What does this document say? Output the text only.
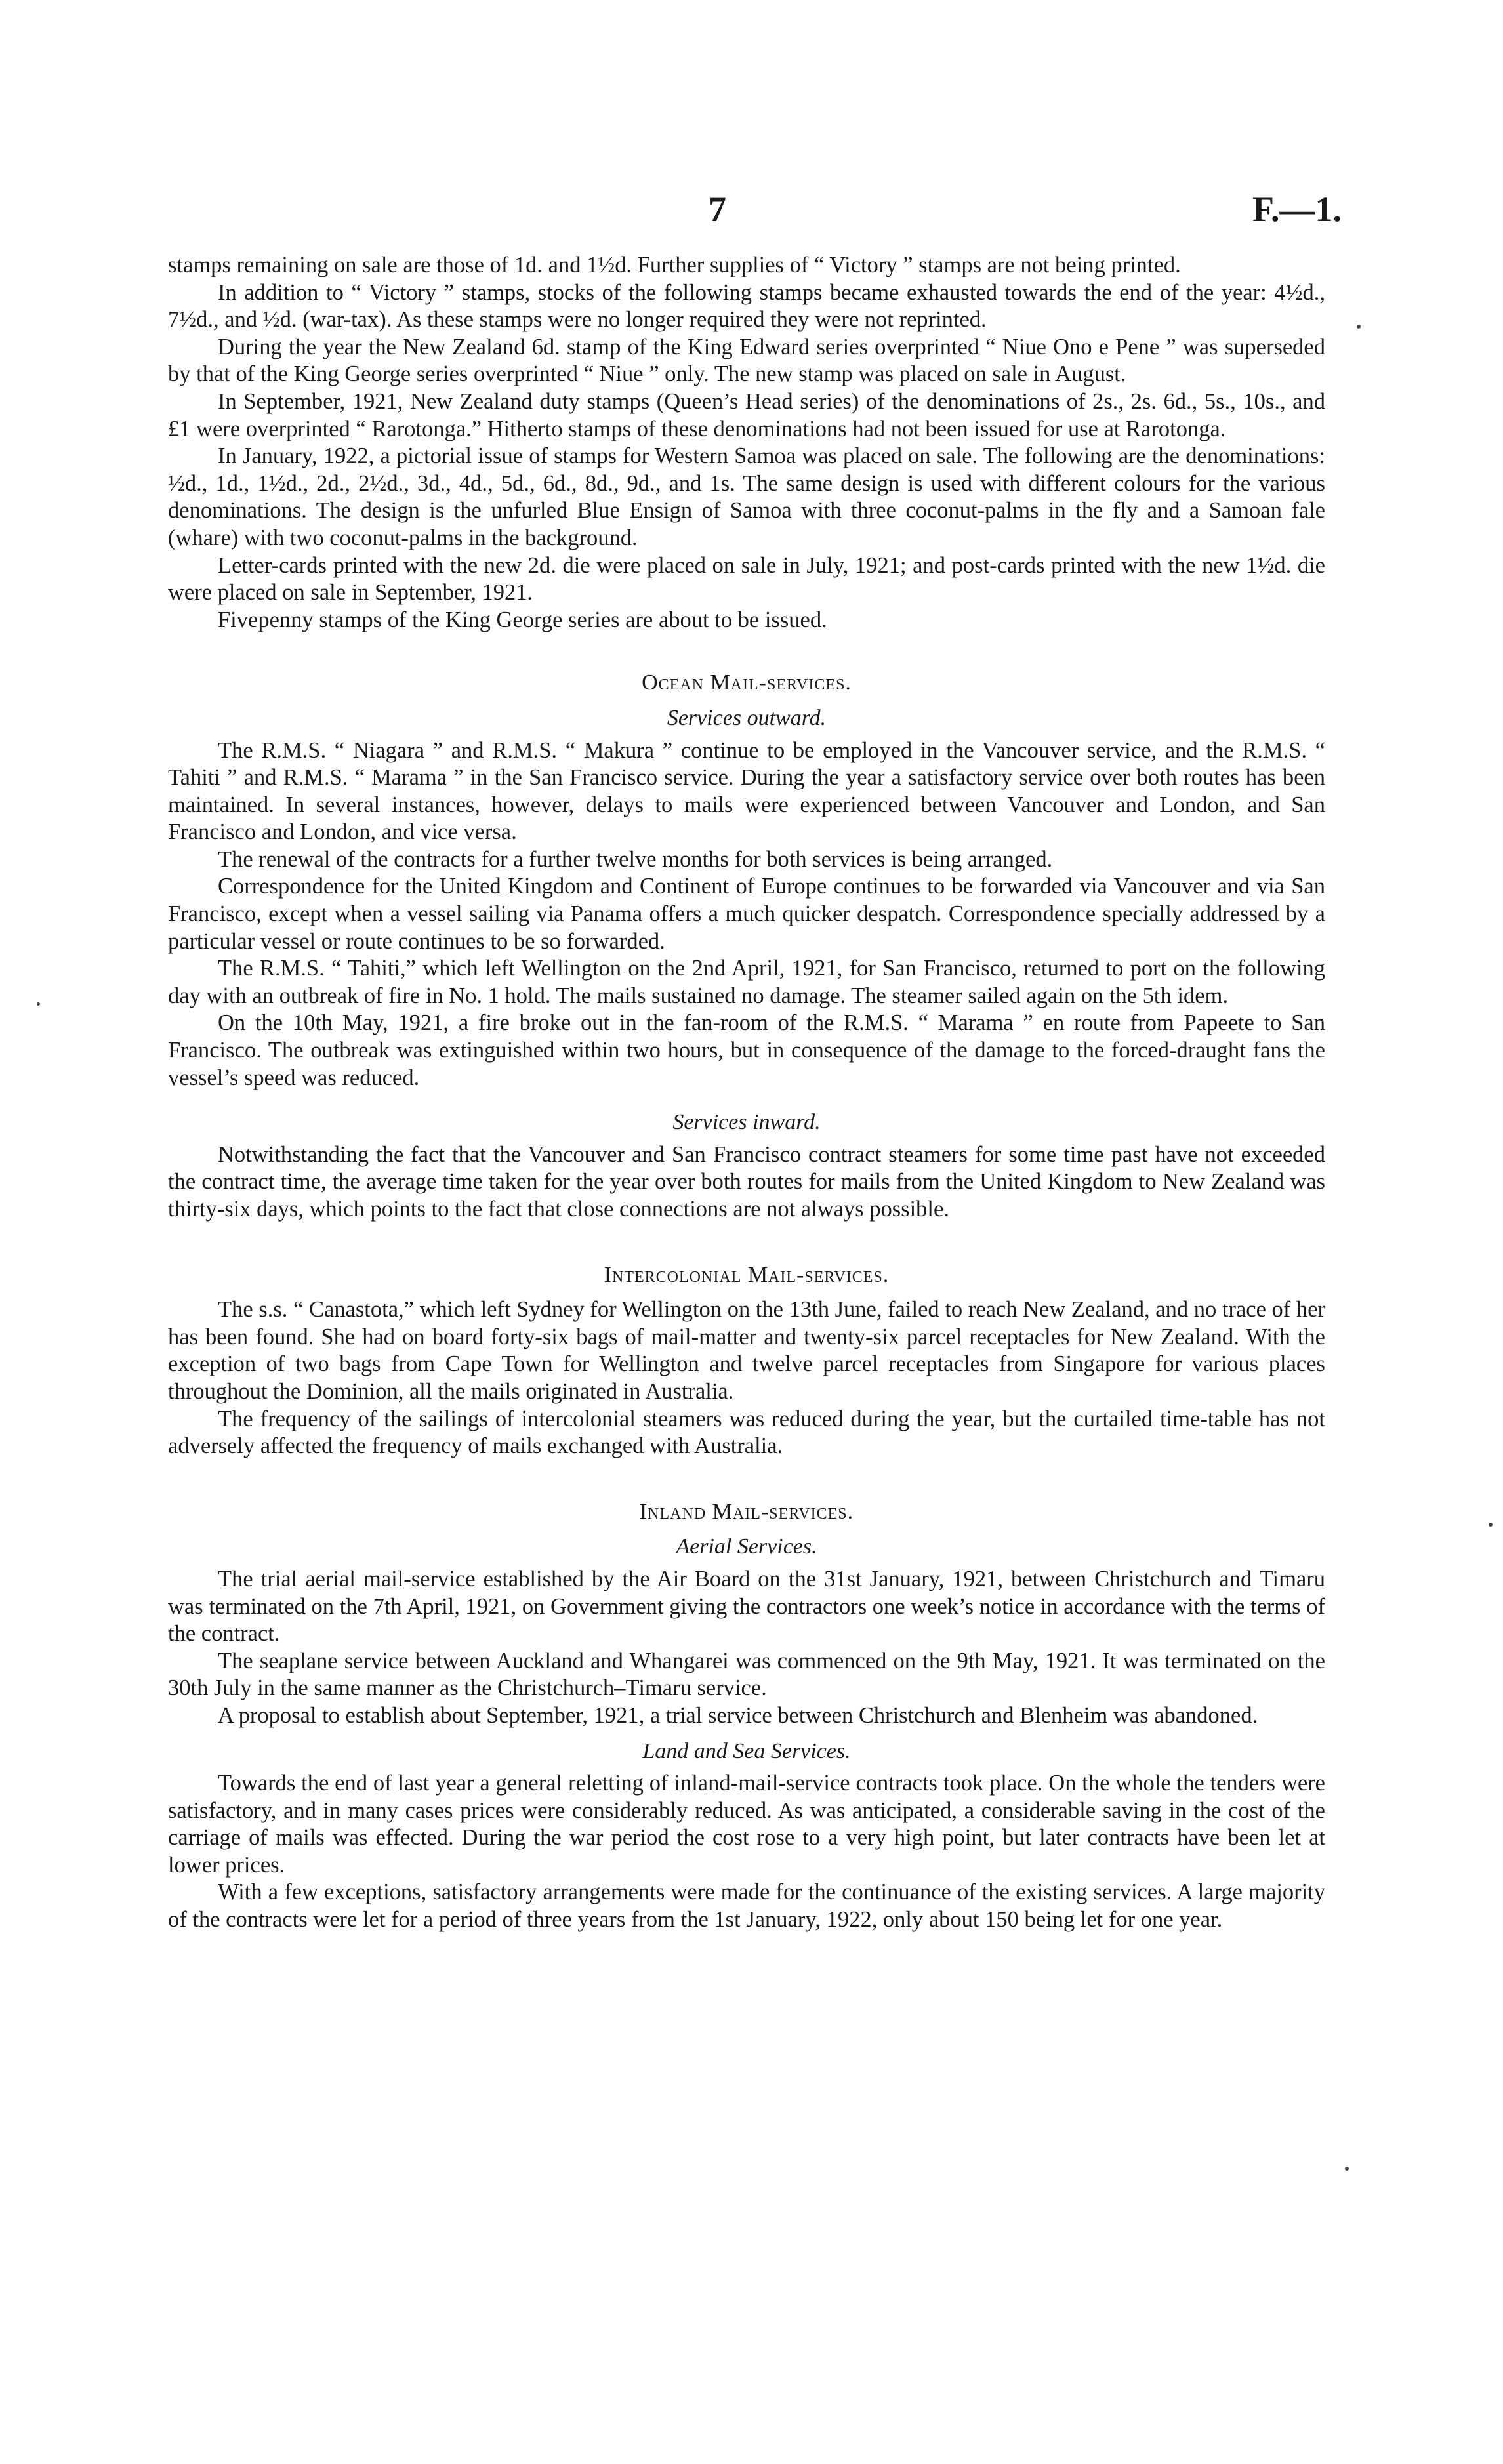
7	F.—1.

stamps remaining on sale are those of 1d. and 1½d. Further supplies of “ Victory ” stamps are not being printed.

In addition to “ Victory ” stamps, stocks of the following stamps became exhausted towards the end of the year: 4½d., 7½d., and ½d. (war-tax). As these stamps were no longer required they were not reprinted.

During the year the New Zealand 6d. stamp of the King Edward series overprinted “ Niue Ono e Pene ” was superseded by that of the King George series overprinted “ Niue ” only. The new stamp was placed on sale in August.

In September, 1921, New Zealand duty stamps (Queen’s Head series) of the denominations of 2s., 2s. 6d., 5s., 10s., and £1 were overprinted “ Rarotonga.” Hitherto stamps of these denominations had not been issued for use at Rarotonga.

In January, 1922, a pictorial issue of stamps for Western Samoa was placed on sale. The following are the denominations: ½d., 1d., 1½d., 2d., 2½d., 3d., 4d., 5d., 6d., 8d., 9d., and 1s. The same design is used with different colours for the various denominations. The design is the unfurled Blue Ensign of Samoa with three coconut-palms in the fly and a Samoan fale (whare) with two coconut-palms in the background.

Letter-cards printed with the new 2d. die were placed on sale in July, 1921; and post-cards printed with the new 1½d. die were placed on sale in September, 1921.

Fivepenny stamps of the King George series are about to be issued.

Ocean Mail-services.
Services outward.

The R.M.S. “ Niagara ” and R.M.S. “ Makura ” continue to be employed in the Vancouver service, and the R.M.S. “ Tahiti ” and R.M.S. “ Marama ” in the San Francisco service. During the year a satisfactory service over both routes has been maintained. In several instances, however, delays to mails were experienced between Vancouver and London, and San Francisco and London, and vice versa.

The renewal of the contracts for a further twelve months for both services is being arranged.

Correspondence for the United Kingdom and Continent of Europe continues to be forwarded via Vancouver and via San Francisco, except when a vessel sailing via Panama offers a much quicker despatch. Correspondence specially addressed by a particular vessel or route continues to be so forwarded.

The R.M.S. “ Tahiti,” which left Wellington on the 2nd April, 1921, for San Francisco, returned to port on the following day with an outbreak of fire in No. 1 hold. The mails sustained no damage. The steamer sailed again on the 5th idem.

On the 10th May, 1921, a fire broke out in the fan-room of the R.M.S. “ Marama ” en route from Papeete to San Francisco. The outbreak was extinguished within two hours, but in consequence of the damage to the forced-draught fans the vessel’s speed was reduced.

Services inward.

Notwithstanding the fact that the Vancouver and San Francisco contract steamers for some time past have not exceeded the contract time, the average time taken for the year over both routes for mails from the United Kingdom to New Zealand was thirty-six days, which points to the fact that close connections are not always possible.

Intercolonial Mail-services.

The s.s. “ Canastota,” which left Sydney for Wellington on the 13th June, failed to reach New Zealand, and no trace of her has been found. She had on board forty-six bags of mail-matter and twenty-six parcel receptacles for New Zealand. With the exception of two bags from Cape Town for Wellington and twelve parcel receptacles from Singapore for various places throughout the Dominion, all the mails originated in Australia.

The frequency of the sailings of intercolonial steamers was reduced during the year, but the curtailed time-table has not adversely affected the frequency of mails exchanged with Australia.

Inland Mail-services.
Aerial Services.

The trial aerial mail-service established by the Air Board on the 31st January, 1921, between Christchurch and Timaru was terminated on the 7th April, 1921, on Government giving the contractors one week’s notice in accordance with the terms of the contract.

The seaplane service between Auckland and Whangarei was commenced on the 9th May, 1921. It was terminated on the 30th July in the same manner as the Christchurch–Timaru service.

A proposal to establish about September, 1921, a trial service between Christchurch and Blenheim was abandoned.

Land and Sea Services.

Towards the end of last year a general reletting of inland-mail-service contracts took place. On the whole the tenders were satisfactory, and in many cases prices were considerably reduced. As was anticipated, a considerable saving in the cost of the carriage of mails was effected. During the war period the cost rose to a very high point, but later contracts have been let at lower prices.

With a few exceptions, satisfactory arrangements were made for the continuance of the existing services. A large majority of the contracts were let for a period of three years from the 1st January, 1922, only about 150 being let for one year.
